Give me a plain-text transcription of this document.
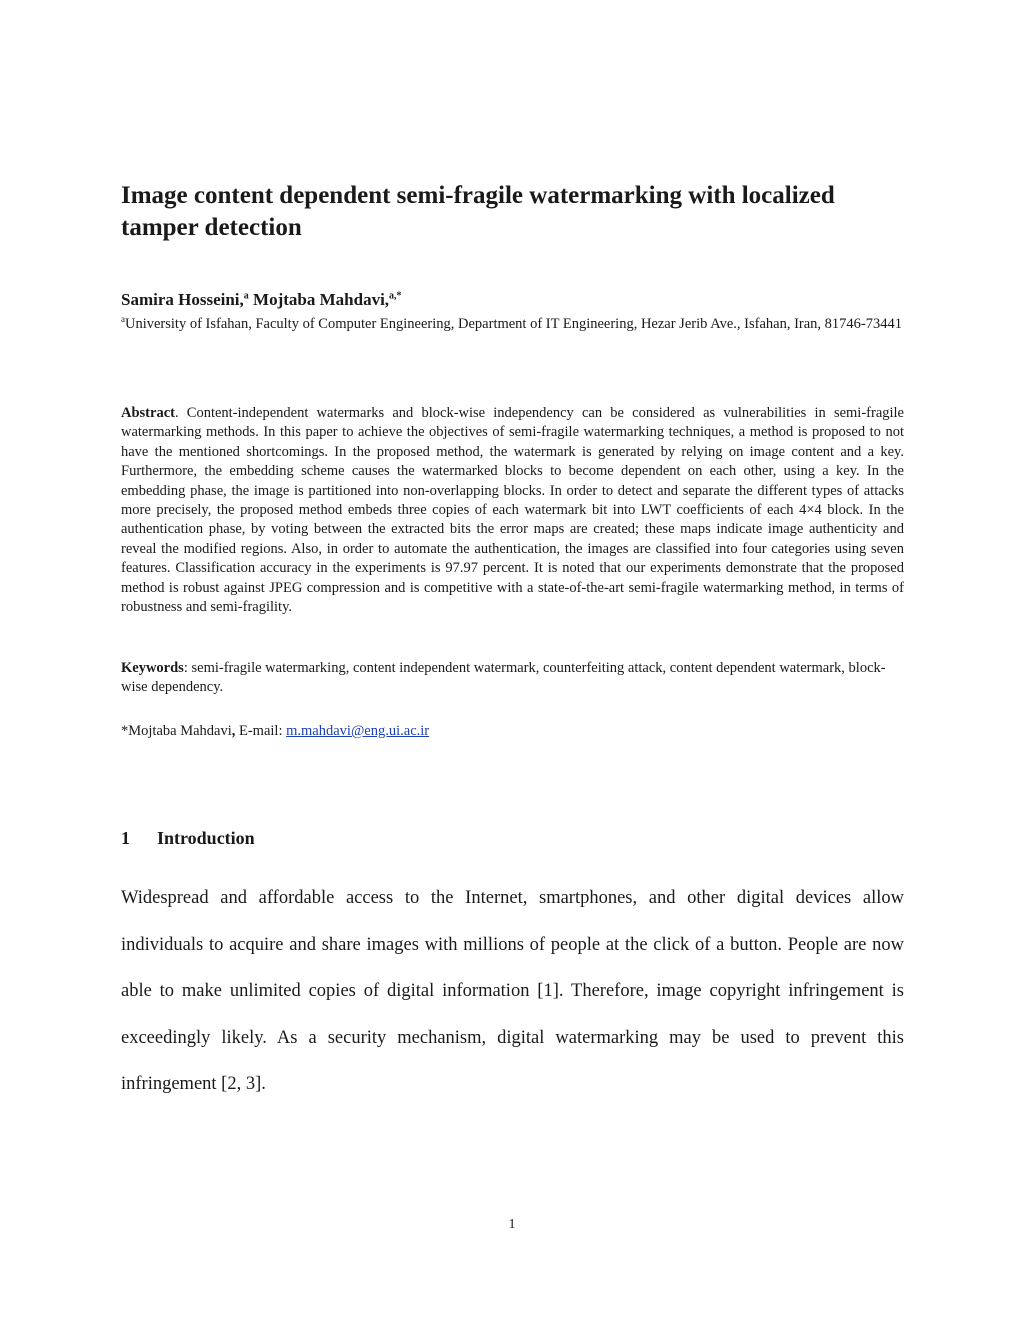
Image content dependent semi-fragile watermarking with localized tamper detection

Samira Hosseini,$^a$ Mojtaba Mahdavi,$^{a,*}$

$^a$University of Isfahan, Faculty of Computer Engineering, Department of IT Engineering, Hezar Jerib Ave., Isfahan, Iran, 81746-73441

Abstract. Content-independent watermarks and block-wise independency can be considered as vulnerabilities in semi-fragile watermarking methods. In this paper to achieve the objectives of semi-fragile watermarking techniques, a method is proposed to not have the mentioned shortcomings. In the proposed method, the watermark is generated by relying on image content and a key. Furthermore, the embedding scheme causes the watermarked blocks to become dependent on each other, using a key. In the embedding phase, the image is partitioned into non-overlapping blocks. In order to detect and separate the different types of attacks more precisely, the proposed method embeds three copies of each watermark bit into LWT coefficients of each 4×4 block. In the authentication phase, by voting between the extracted bits the error maps are created; these maps indicate image authenticity and reveal the modified regions. Also, in order to automate the authentication, the images are classified into four categories using seven features. Classification accuracy in the experiments is 97.97 percent. It is noted that our experiments demonstrate that the proposed method is robust against JPEG compression and is competitive with a state-of-the-art semi-fragile watermarking method, in terms of robustness and semi-fragility.

Keywords: semi-fragile watermarking, content independent watermark, counterfeiting attack, content dependent watermark, block-wise dependency.

*Mojtaba Mahdavi, E-mail: m.mahdavi@eng.ui.ac.ir

1 Introduction

Widespread and affordable access to the Internet, smartphones, and other digital devices allow individuals to acquire and share images with millions of people at the click of a button. People are now able to make unlimited copies of digital information [1]. Therefore, image copyright infringement is exceedingly likely. As a security mechanism, digital watermarking may be used to prevent this infringement [2, 3].

1
